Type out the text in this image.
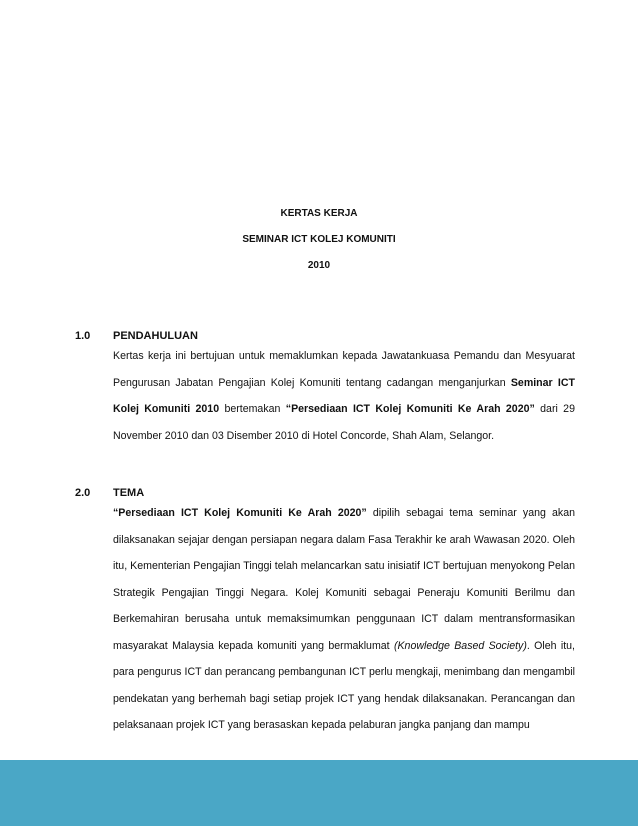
KERTAS KERJA
SEMINAR ICT KOLEJ KOMUNITI
2010
1.0 PENDAHULUAN
Kertas kerja ini bertujuan untuk memaklumkan kepada Jawatankuasa Pemandu dan Mesyuarat Pengurusan Jabatan Pengajian Kolej Komuniti tentang cadangan menganjurkan Seminar ICT Kolej Komuniti 2010 bertemakan “Persediaan ICT Kolej Komuniti Ke Arah 2020” dari 29 November 2010 dan 03 Disember 2010 di Hotel Concorde, Shah Alam, Selangor.
2.0 TEMA
“Persediaan ICT Kolej Komuniti Ke Arah 2020” dipilih sebagai tema seminar yang akan dilaksanakan sejajar dengan persiapan negara dalam Fasa Terakhir ke arah Wawasan 2020. Oleh itu, Kementerian Pengajian Tinggi telah melancarkan satu inisiatif ICT bertujuan menyokong Pelan Strategik Pengajian Tinggi Negara. Kolej Komuniti sebagai Peneraju Komuniti Berilmu dan Berkemahiran berusaha untuk memaksimumkan penggunaan ICT dalam mentransformasikan masyarakat Malaysia kepada komuniti yang bermaklumat (Knowledge Based Society). Oleh itu, para pengurus ICT dan perancang pembangunan ICT perlu mengkaji, menimbang dan mengambil pendekatan yang berhemah bagi setiap projek ICT yang hendak dilaksanakan. Perancangan dan pelaksanaan projek ICT yang berasaskan kepada pelaburan jangka panjang dan mampu
